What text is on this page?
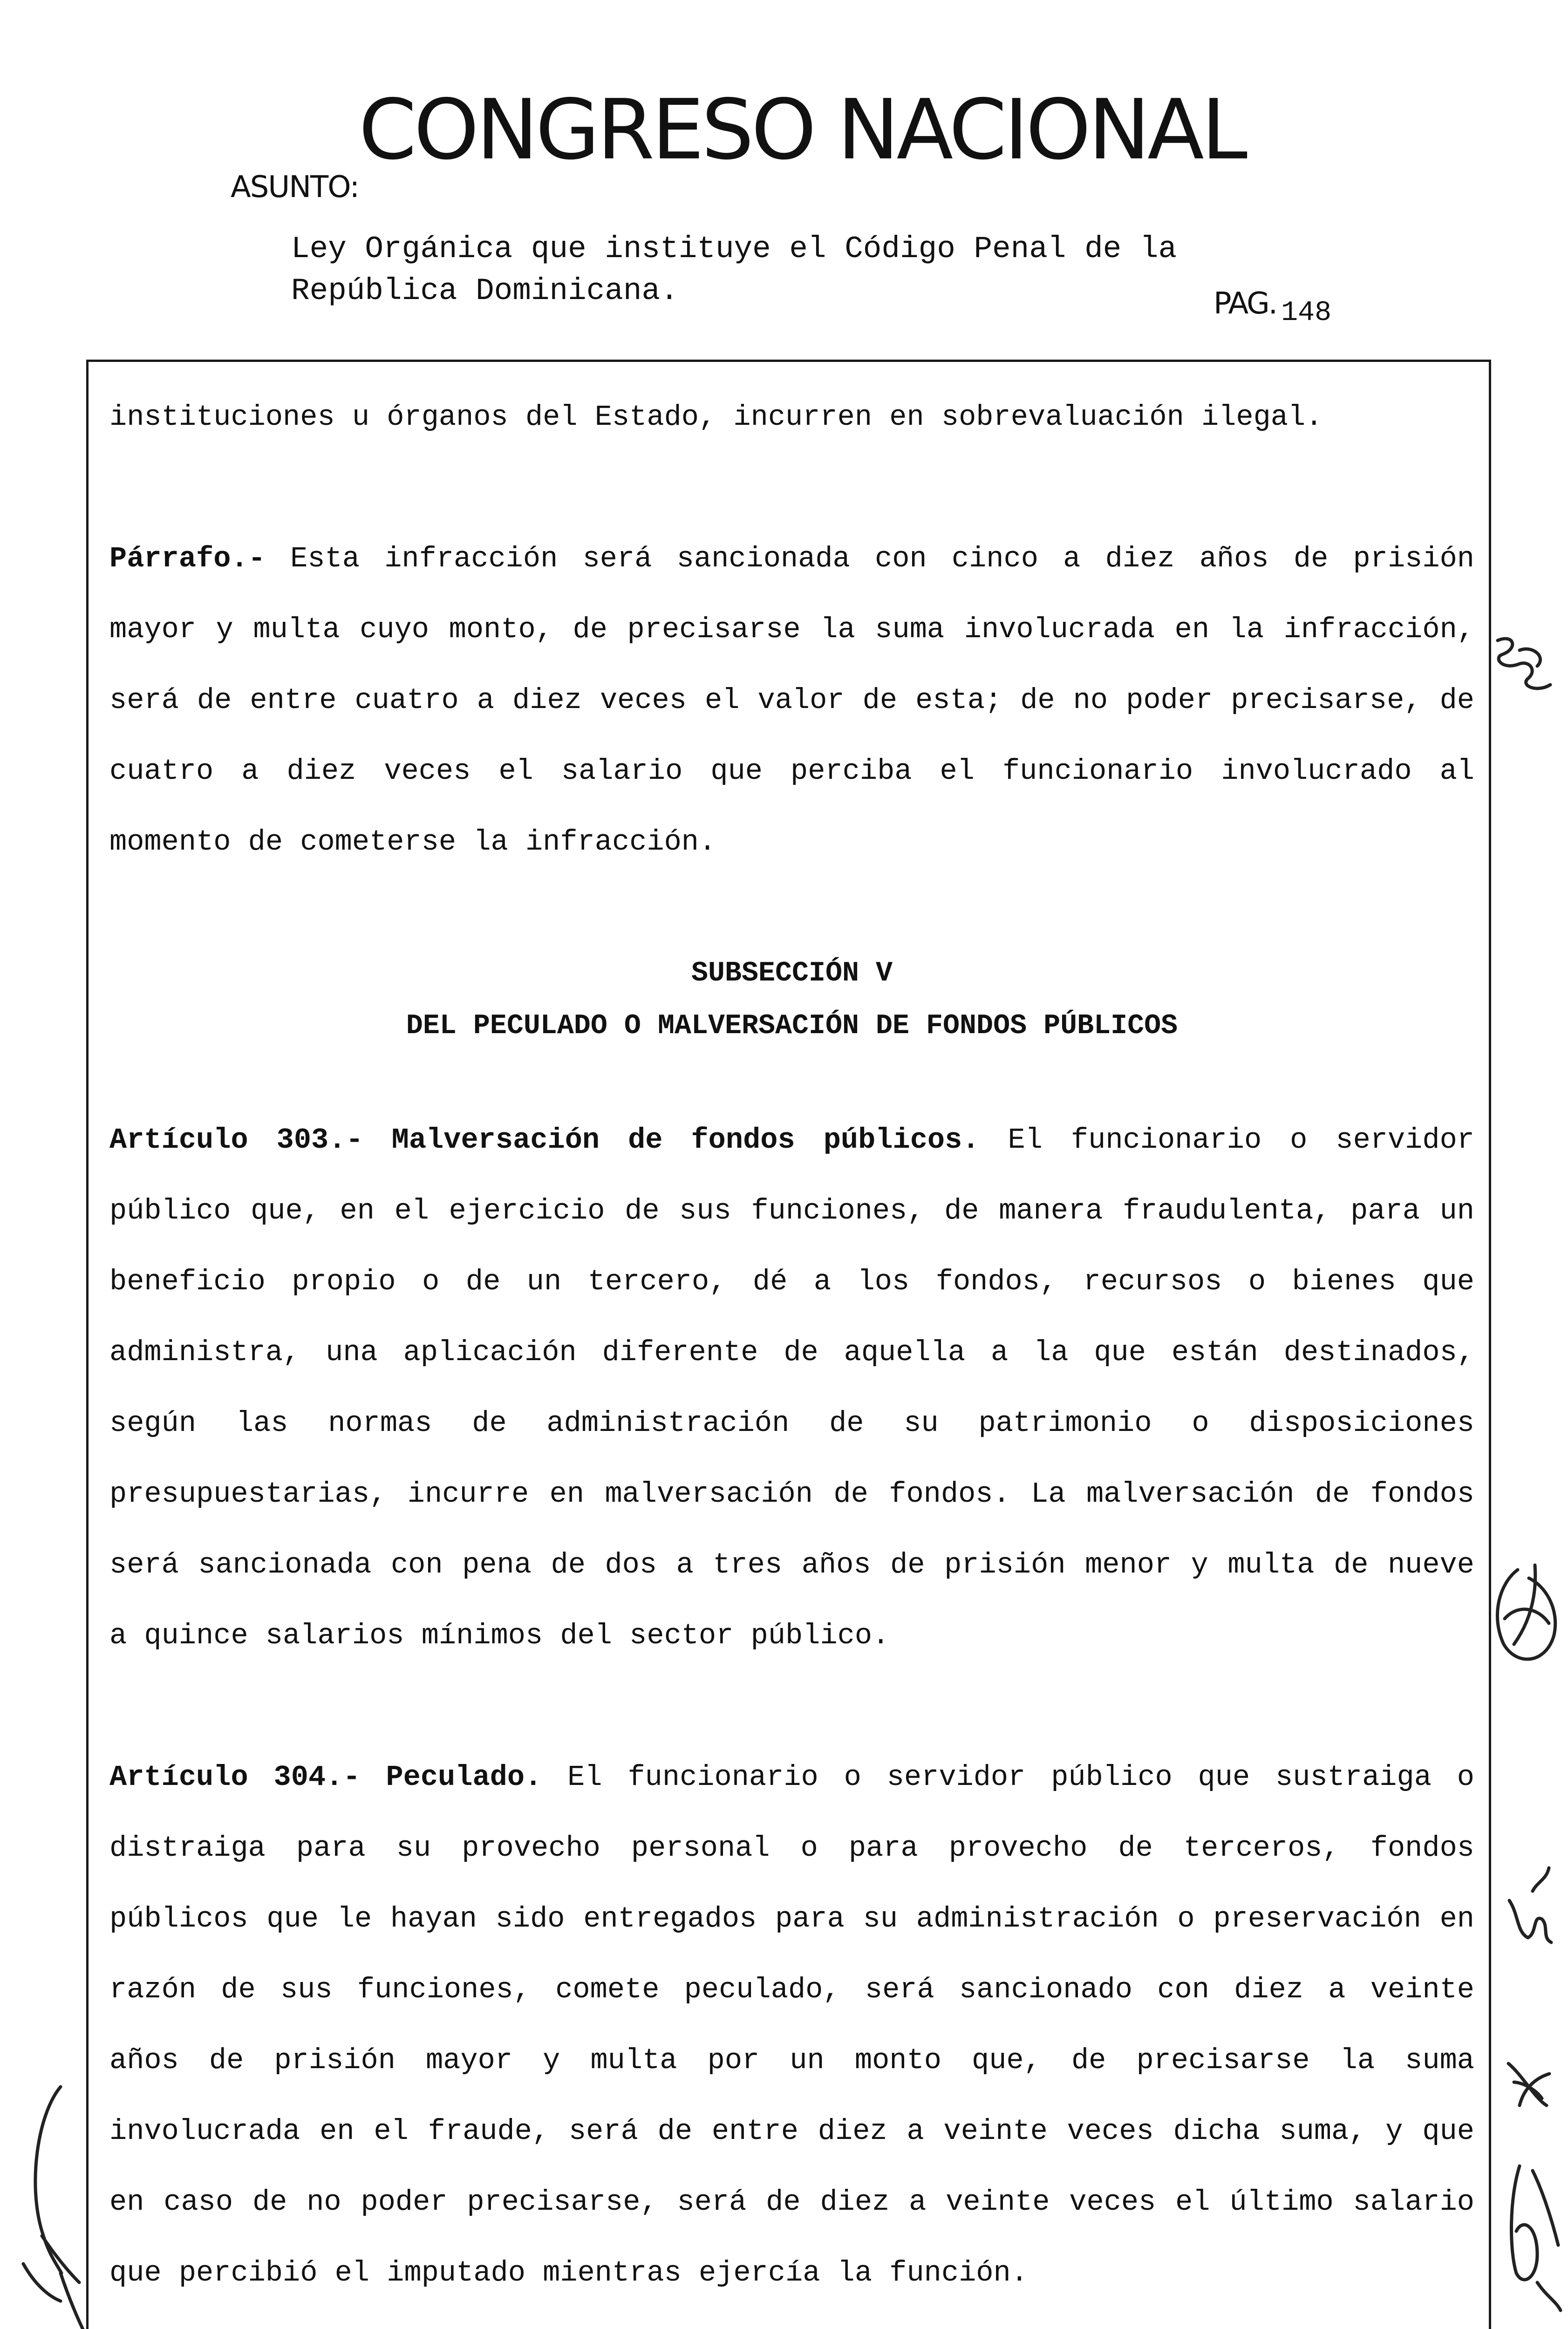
CONGRESO NACIONAL
ASUNTO:
Ley Orgánica que instituye el Código Penal de la
República Dominicana.	PAG. 148

instituciones u órganos del Estado, incurren en sobrevaluación ilegal.

Párrafo.- Esta infracción será sancionada con cinco a diez años de prisión mayor y multa cuyo monto, de precisarse la suma involucrada en la infracción, será de entre cuatro a diez veces el valor de esta; de no poder precisarse, de cuatro a diez veces el salario que perciba el funcionario involucrado al momento de cometerse la infracción.

SUBSECCIÓN V
DEL PECULADO O MALVERSACIÓN DE FONDOS PÚBLICOS

Artículo 303.- Malversación de fondos públicos. El funcionario o servidor público que, en el ejercicio de sus funciones, de manera fraudulenta, para un beneficio propio o de un tercero, dé a los fondos, recursos o bienes que administra, una aplicación diferente de aquella a la que están destinados, según las normas de administración de su patrimonio o disposiciones presupuestarias, incurre en malversación de fondos. La malversación de fondos será sancionada con pena de dos a tres años de prisión menor y multa de nueve a quince salarios mínimos del sector público.

Artículo 304.- Peculado. El funcionario o servidor público que sustraiga o distraiga para su provecho personal o para provecho de terceros, fondos públicos que le hayan sido entregados para su administración o preservación en razón de sus funciones, comete peculado, será sancionado con diez a veinte años de prisión mayor y multa por un monto que, de precisarse la suma involucrada en el fraude, será de entre diez a veinte veces dicha suma, y que en caso de no poder precisarse, será de diez a veinte veces el último salario que percibió el imputado mientras ejercía la función.
